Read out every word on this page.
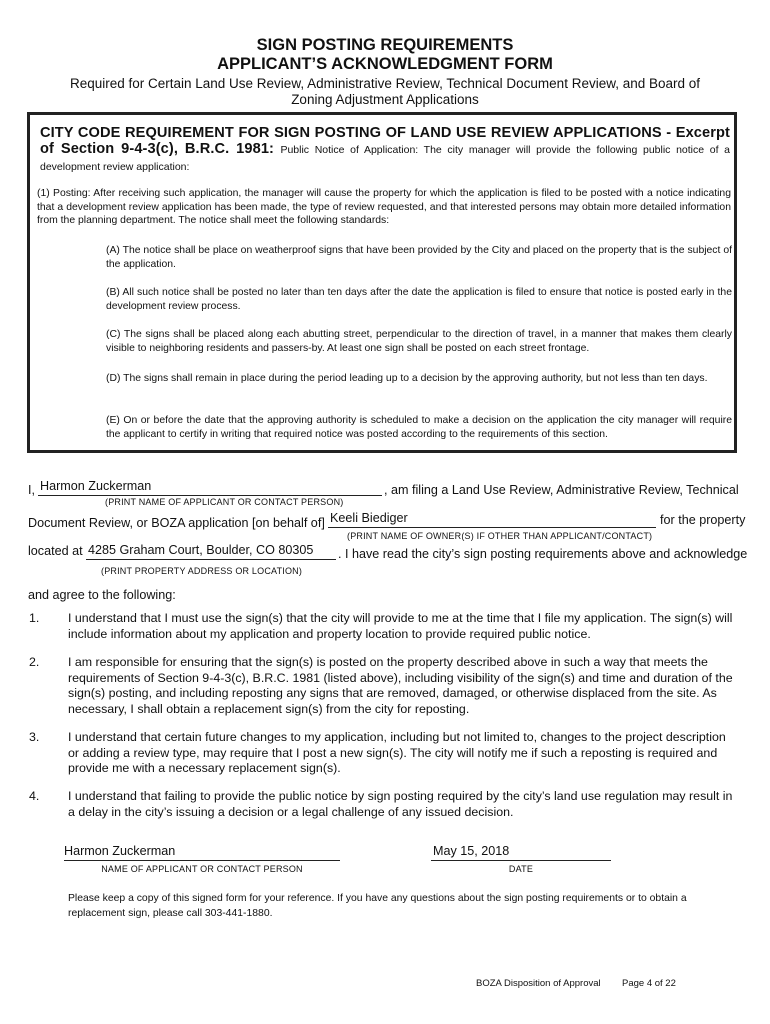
SIGN POSTING REQUIREMENTS
APPLICANT’S ACKNOWLEDGMENT FORM
Required for Certain Land Use Review, Administrative Review, Technical Document Review, and Board of
Zoning Adjustment Applications
CITY CODE REQUIREMENT FOR SIGN POSTING OF LAND USE REVIEW APPLICATIONS - Excerpt of Section 9-4-3(c), B.R.C. 1981: Public Notice of Application: The city manager will provide the following public notice of a development review application:
(1) Posting: After receiving such application, the manager will cause the property for which the application is filed to be posted with a notice indicating that a development review application has been made, the type of review requested, and that interested persons may obtain more detailed information from the planning department. The notice shall meet the following standards:
(A) The notice shall be place on weatherproof signs that have been provided by the City and placed on the property that is the subject of the application.
(B) All such notice shall be posted no later than ten days after the date the application is filed to ensure that notice is posted early in the development review process.
(C) The signs shall be placed along each abutting street, perpendicular to the direction of travel, in a manner that makes them clearly visible to neighboring residents and passers-by. At least one sign shall be posted on each street frontage.
(D) The signs shall remain in place during the period leading up to a decision by the approving authority, but not less than ten days.
(E) On or before the date that the approving authority is scheduled to make a decision on the application the city manager will require the applicant to certify in writing that required notice was posted according to the requirements of this section.
I, Harmon Zuckerman	, am filing a Land Use Review, Administrative Review, Technical
(PRINT NAME OF APPLICANT OR CONTACT PERSON)
Document Review, or BOZA application [on behalf of] Keeli Biediger	for the property
(PRINT NAME OF OWNER(S) IF OTHER THAN APPLICANT/CONTACT)
located at 4285 Graham Court, Boulder, CO 80305 . I have read the city’s sign posting requirements above and acknowledge
(PRINT PROPERTY ADDRESS OR LOCATION)
and agree to the following:
1. I understand that I must use the sign(s) that the city will provide to me at the time that I file my application. The sign(s) will include information about my application and property location to provide required public notice.
2. I am responsible for ensuring that the sign(s) is posted on the property described above in such a way that meets the requirements of Section 9-4-3(c), B.R.C. 1981 (listed above), including visibility of the sign(s) and time and duration of the sign(s) posting, and including reposting any signs that are removed, damaged, or otherwise displaced from the site. As necessary, I shall obtain a replacement sign(s) from the city for reposting.
3. I understand that certain future changes to my application, including but not limited to, changes to the project description or adding a review type, may require that I post a new sign(s). The city will notify me if such a reposting is required and provide me with a necessary replacement sign(s).
4. I understand that failing to provide the public notice by sign posting required by the city’s land use regulation may result in a delay in the city’s issuing a decision or a legal challenge of any issued decision.
Harmon Zuckerman
NAME OF APPLICANT OR CONTACT PERSON
May 15, 2018
DATE
Please keep a copy of this signed form for your reference. If you have any questions about the sign posting requirements or to obtain a replacement sign, please call 303-441-1880.
BOZA Disposition of Approval Page 4 of 22
